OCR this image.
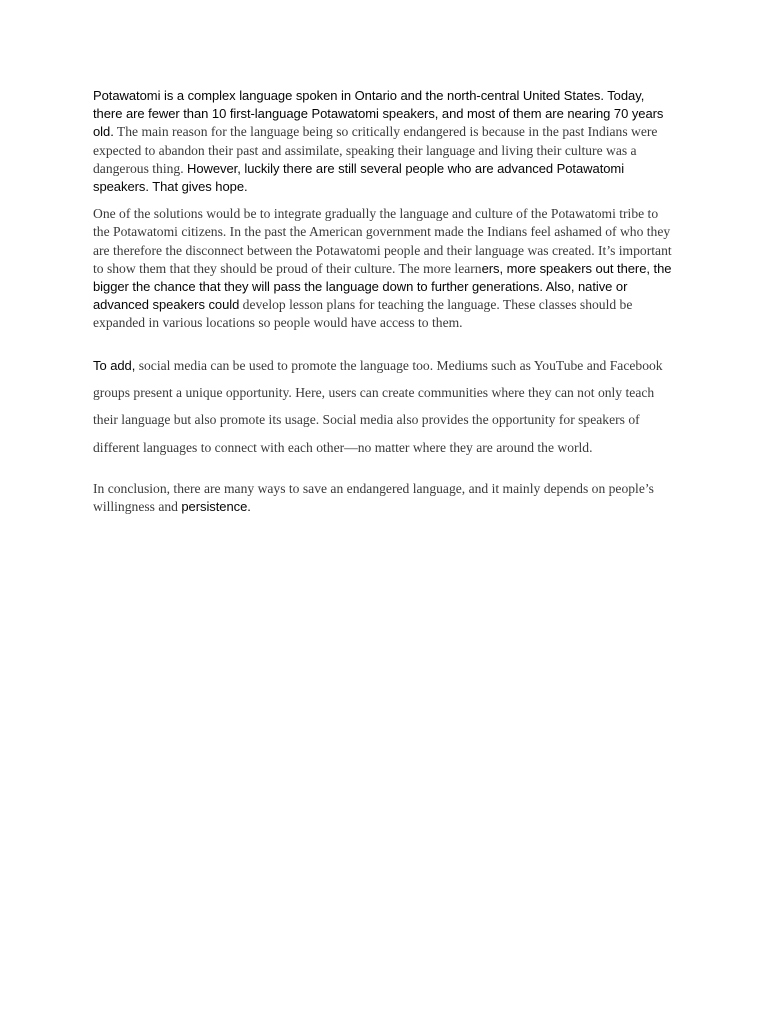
Potawatomi is a complex language spoken in Ontario and the north-central United States. Today, there are fewer than 10 first-language Potawatomi speakers, and most of them are nearing 70 years old. The main reason for the language being so critically endangered is because in the past Indians were expected to abandon their past and assimilate, speaking their language and living their culture was a dangerous thing. However, luckily there are still several people who are advanced Potawatomi speakers. That gives hope.

One of the solutions would be to integrate gradually the language and culture of the Potawatomi tribe to the Potawatomi citizens. In the past the American government made the Indians feel ashamed of who they are therefore the disconnect between the Potawatomi people and their language was created. It’s important to show them that they should be proud of their culture. The more learners, more speakers out there, the bigger the chance that they will pass the language down to further generations. Also, native or advanced speakers could develop lesson plans for teaching the language. These classes should be expanded in various locations so people would have access to them.

To add, social media can be used to promote the language too. Mediums such as YouTube and Facebook groups present a unique opportunity. Here, users can create communities where they can not only teach their language but also promote its usage. Social media also provides the opportunity for speakers of different languages to connect with each other—no matter where they are around the world.

In conclusion, there are many ways to save an endangered language, and it mainly depends on people’s willingness and persistence.
